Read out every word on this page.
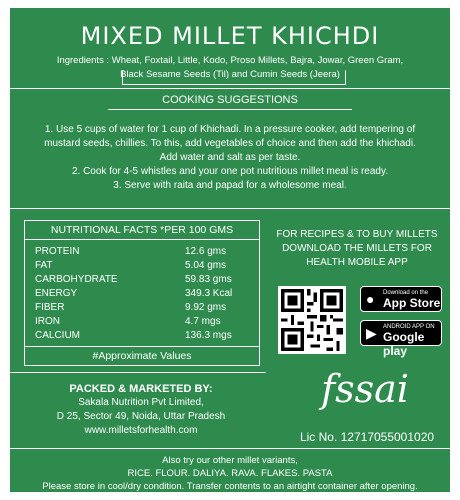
MIXED MILLET KHICHDI
Ingredients : Wheat, Foxtail, Little, Kodo, Proso Millets, Bajra, Jowar, Green Gram,
Black Sesame Seeds (Til) and Cumin Seeds (Jeera)
COOKING SUGGESTIONS
1. Use 5 cups of water for 1 cup of Khichadi. In a pressure cooker, add tempering of
mustard seeds, chillies. To this, add vegetables of choice and then add the khichadi.
Add water and salt as per taste.
2. Cook for 4-5 whistles and your one pot nutritious millet meal is ready.
3. Serve with raita and papad for a wholesome meal.
NUTRITIONAL FACTS *PER 100 GMS
PROTEIN	12.6 gms
FAT	5.04 gms
CARBOHYDRATE	59.83 gms
ENERGY	349.3 Kcal
FIBER	9.92 gms
IRON	4.7 mgs
CALCIUM	136.3 mgs
#Approximate Values
FOR RECIPES & TO BUY MILLETS
DOWNLOAD THE MILLETS FOR
HEALTH MOBILE APP
● Download on the
App Store
▶ ANDROID APP ON
Google play
PACKED & MARKETED BY:
Sakala Nutrition Pvt Limited,
D 25, Sector 49, Noida, Uttar Pradesh
www.milletsforhealth.com
fssai
Lic No. 12717055001020
Also try our other millet variants,
RICE. FLOUR. DALIYA. RAVA. FLAKES. PASTA
Please store in cool/dry condition. Transfer contents to an airtight container after opening.
